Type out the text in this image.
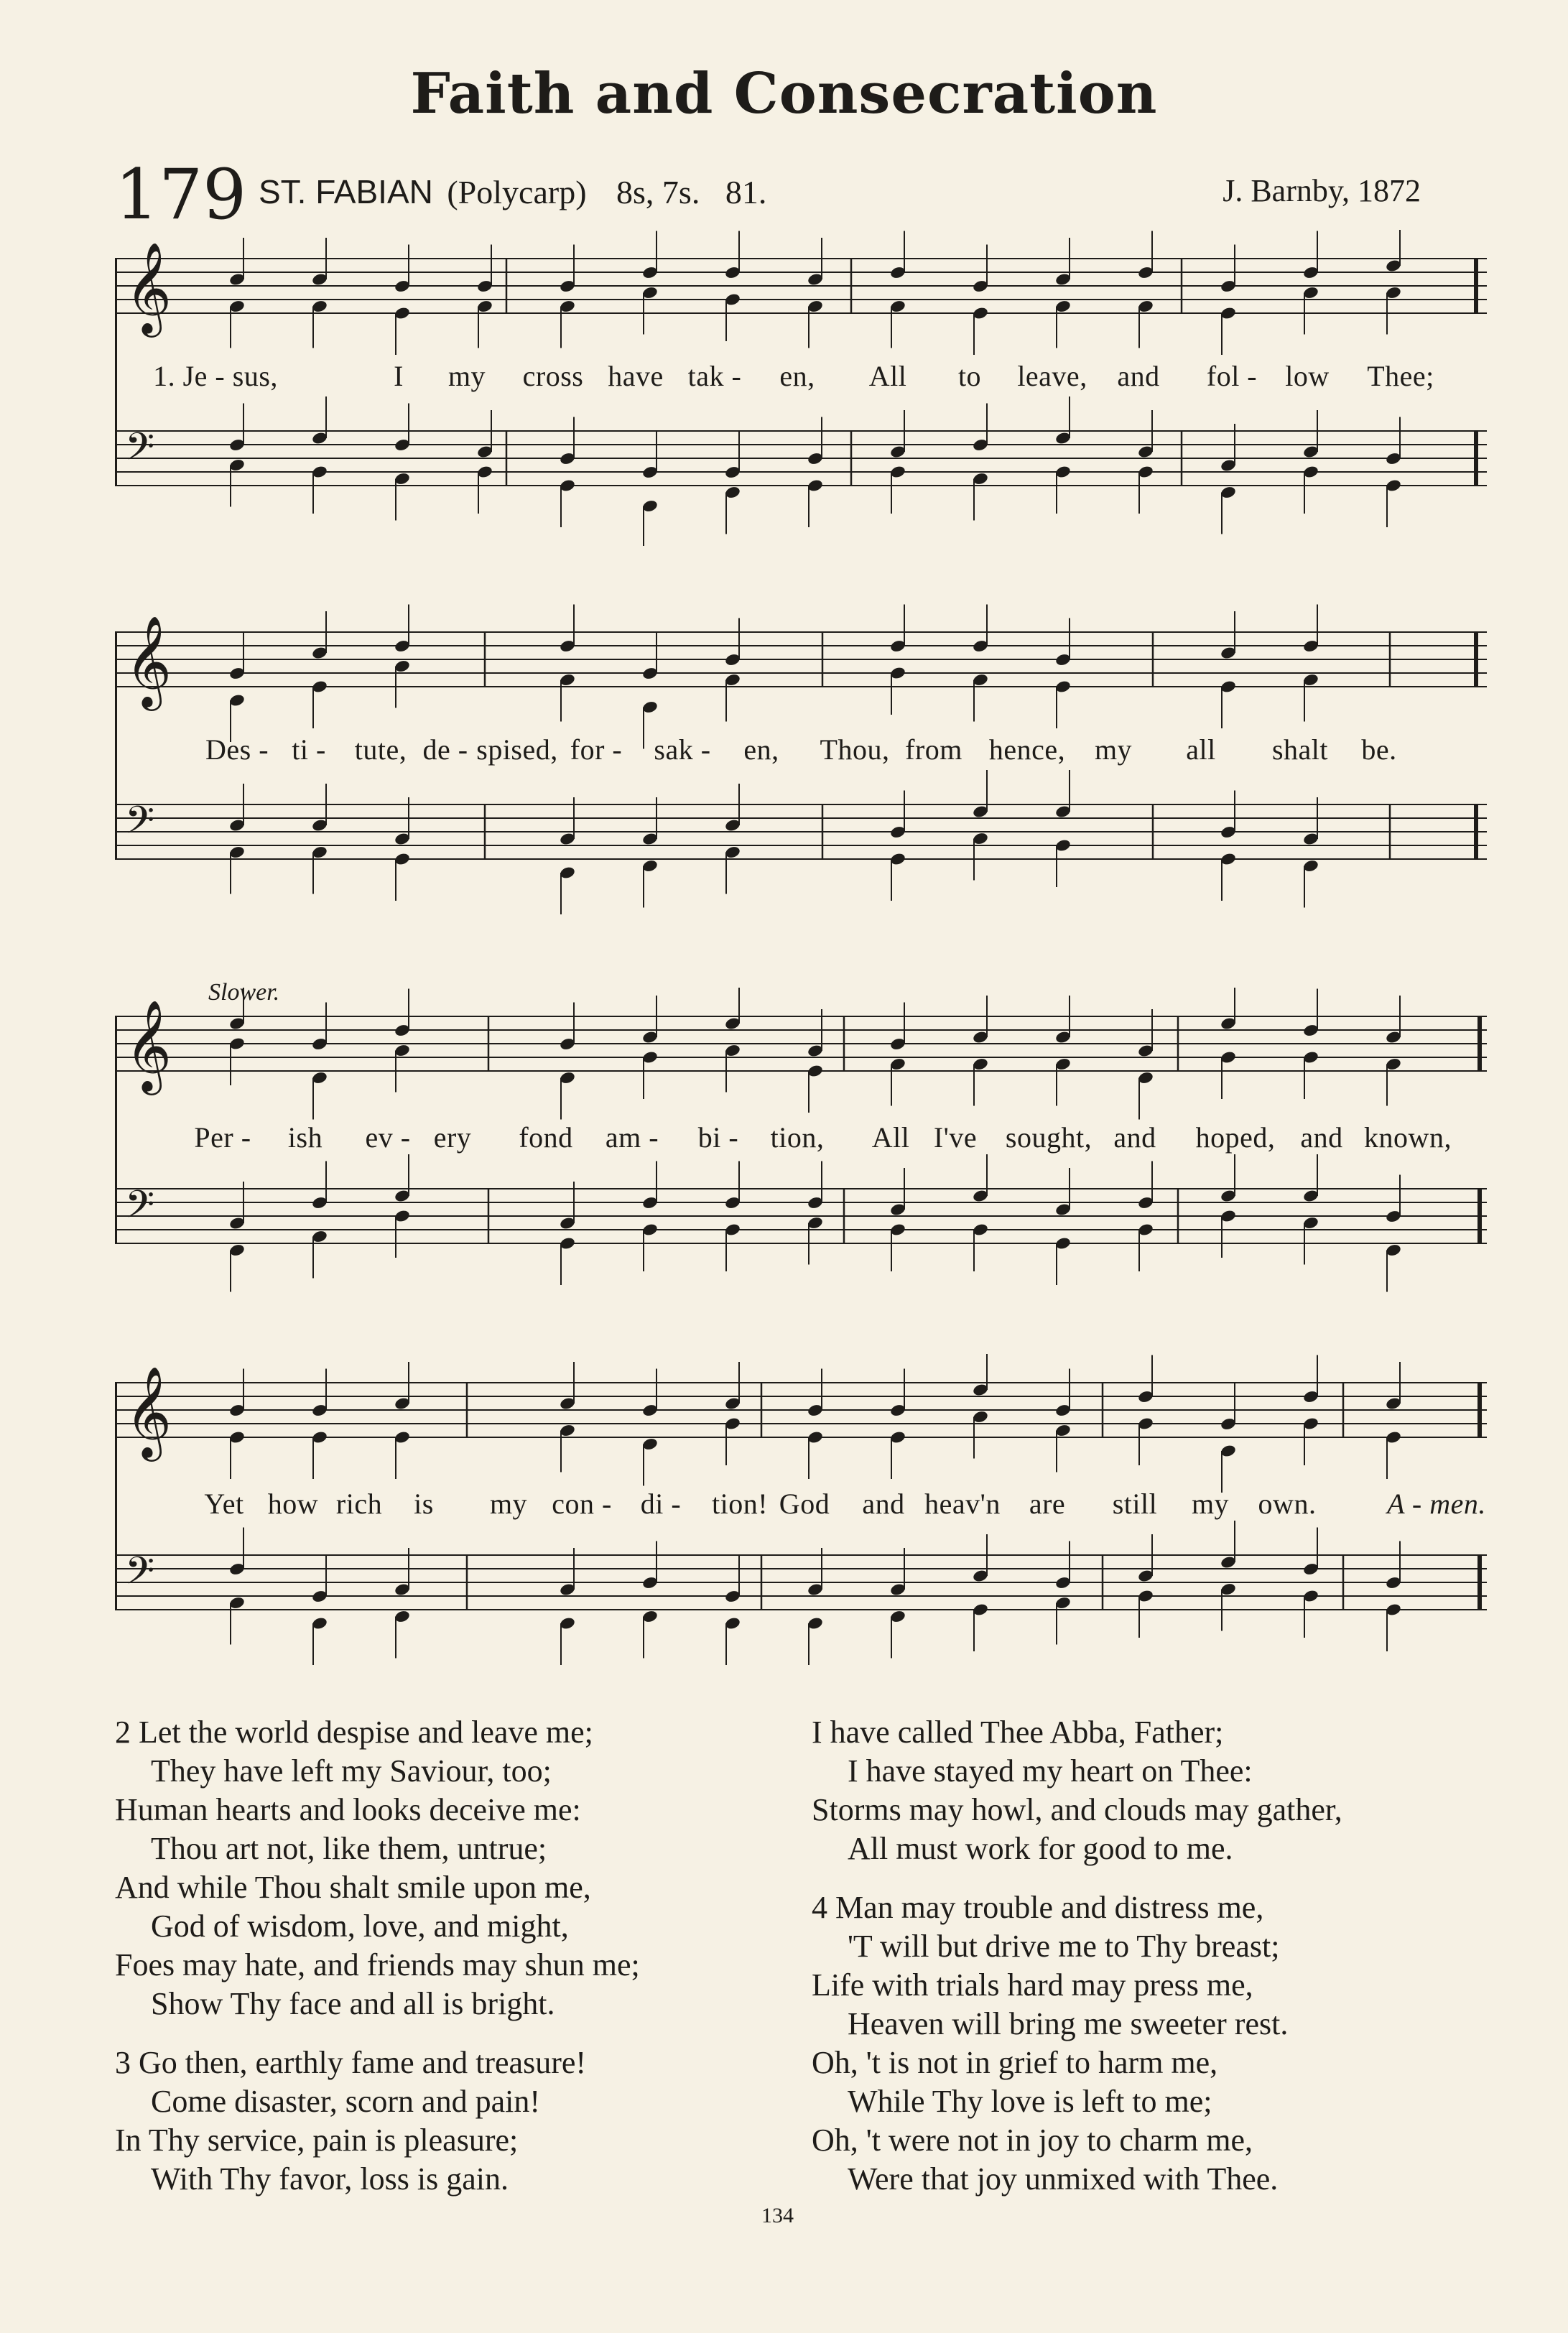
Faith and Consecration
179 ST. FABIAN (Polycarp) 8s, 7s. 81.	J. Barnby, 1872
𝄞
𝄢
1. Je - sus,	I my cross have tak - en, All to leave, and fol - low Thee;
𝄞
𝄢
Des - ti - tute, de - spised, for - sak - en, Thou, from hence, my all shalt be.
𝄞
𝄢
Slower.
Per - ish ev - ery fond am - bi - tion, All I've sought, and hoped, and known,
𝄞
𝄢
Yet how rich is my con - di - tion! God and heav'n are still my own. A - men.

2 Let the world despise and leave me;

They have left my Saviour, too;

Human hearts and looks deceive me:

Thou art not, like them, untrue;

And while Thou shalt smile upon me,

God of wisdom, love, and might,

Foes may hate, and friends may shun me;

Show Thy face and all is bright.

3 Go then, earthly fame and treasure!

Come disaster, scorn and pain!

In Thy service, pain is pleasure;

With Thy favor, loss is gain.

I have called Thee Abba, Father;

I have stayed my heart on Thee:

Storms may howl, and clouds may gather,

All must work for good to me.

4 Man may trouble and distress me,

'T will but drive me to Thy breast;

Life with trials hard may press me,

Heaven will bring me sweeter rest.

Oh, 't is not in grief to harm me,

While Thy love is left to me;

Oh, 't were not in joy to charm me,

Were that joy unmixed with Thee.

134
